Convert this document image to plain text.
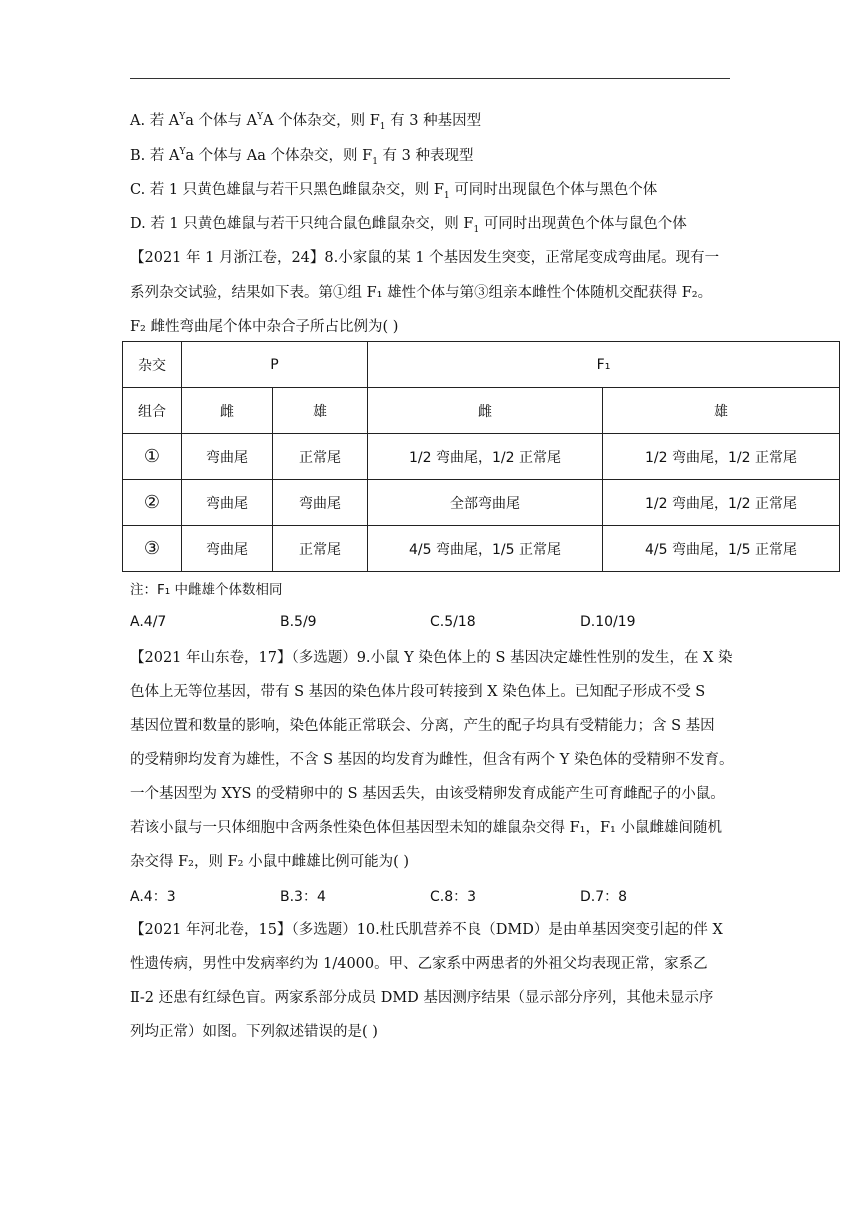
A. 若 $A^Ya$ 个体与 $A^YA$ 个体杂交，则 $F_1$ 有 3 种基因型
B. 若 $A^Ya$ 个体与 Aa 个体杂交，则 $F_1$ 有 3 种表现型
C. 若 1 只黄色雄鼠与若干只黑色雌鼠杂交，则 $F_1$ 可同时出现鼠色个体与黑色个体
D. 若 1 只黄色雄鼠与若干只纯合鼠色雌鼠杂交，则 $F_1$ 可同时出现黄色个体与鼠色个体
【2021 年 1 月浙江卷，24】8.小家鼠的某 1 个基因发生突变，正常尾变成弯曲尾。现有一
系列杂交试验，结果如下表。第①组 F₁ 雄性个体与第③组亲本雌性个体随机交配获得 F₂。
F₂ 雌性弯曲尾个体中杂合子所占比例为( )
杂交	P		F₁	
组合	雌	雄	雌	雄
①	弯曲尾	正常尾	1/2 弯曲尾，1/2 正常尾	1/2 弯曲尾，1/2 正常尾
②	弯曲尾	弯曲尾	全部弯曲尾	1/2 弯曲尾，1/2 正常尾
③	弯曲尾	正常尾	4/5 弯曲尾，1/5 正常尾	4/5 弯曲尾，1/5 正常尾
注：F₁ 中雌雄个体数相同
A.4/7	B.5/9	C.5/18	D.10/19
【2021 年山东卷，17】（多选题）9.小鼠 Y 染色体上的 S 基因决定雄性性别的发生，在 X 染
色体上无等位基因，带有 S 基因的染色体片段可转接到 X 染色体上。已知配子形成不受 S
基因位置和数量的影响，染色体能正常联会、分离，产生的配子均具有受精能力；含 S 基因
的受精卵均发育为雄性，不含 S 基因的均发育为雌性，但含有两个 Y 染色体的受精卵不发育。
一个基因型为 XYS 的受精卵中的 S 基因丢失，由该受精卵发育成能产生可育雌配子的小鼠。
若该小鼠与一只体细胞中含两条性染色体但基因型未知的雄鼠杂交得 F₁，F₁ 小鼠雌雄间随机
杂交得 F₂，则 F₂ 小鼠中雌雄比例可能为( )
A.4：3	B.3：4	C.8：3	D.7：8
【2021 年河北卷，15】（多选题）10.杜氏肌营养不良（DMD）是由单基因突变引起的伴 X
性遗传病，男性中发病率约为 1/4000。甲、乙家系中两患者的外祖父均表现正常，家系乙
Ⅱ-2 还患有红绿色盲。两家系部分成员 DMD 基因测序结果（显示部分序列，其他未显示序
列均正常）如图。下列叙述错误的是( )
